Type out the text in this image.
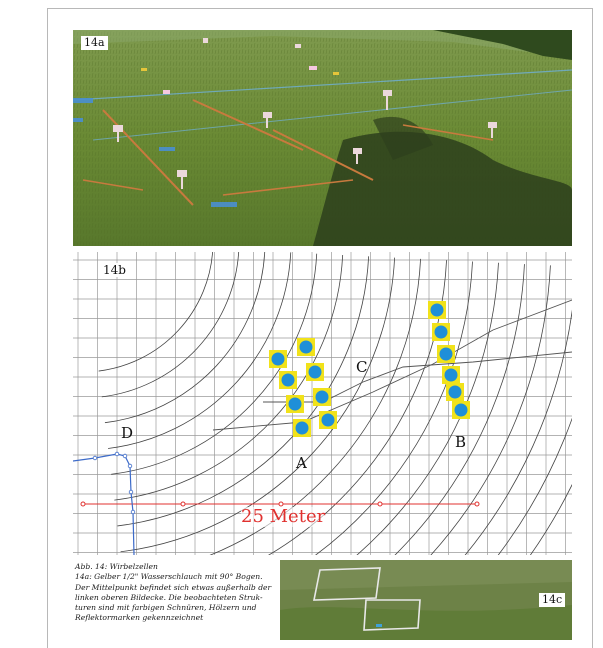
14a
14b
A
B
C
D
25 Meter
Abb. 14: Wirbelzellen
14a: Gelber 1/2" Wasserschlauch mit 90° Bogen.
Der Mittelpunkt befindet sich etwas außerhalb der
linken oberen Bildecke. Die beobachteten Struk-
turen sind mit farbigen Schnüren, Hölzern und
Reflektormarken gekennzeichnet
14c
